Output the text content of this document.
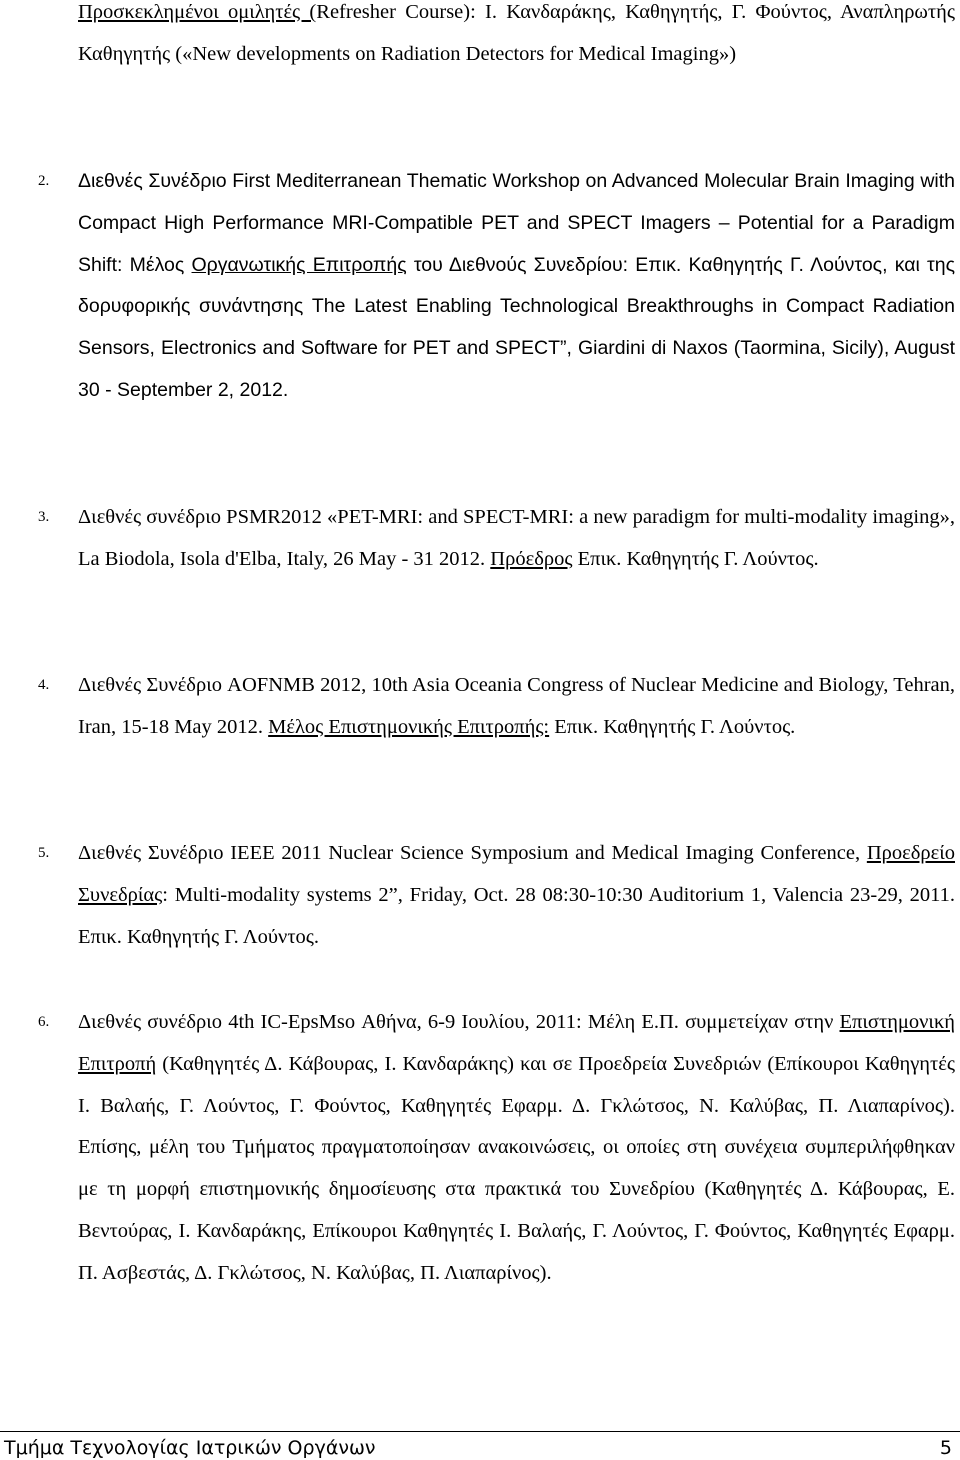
Προσκεκλημένοι ομιλητές (Refresher Course): Ι. Κανδαράκης, Καθηγητής, Γ. Φούντος, Αναπληρωτής Καθηγητής («New developments on Radiation Detectors for Medical Imaging»)
2. Διεθνές Συνέδριο First Mediterranean Thematic Workshop on Advanced Molecular Brain Imaging with Compact High Performance MRI-Compatible PET and SPECT Imagers – Potential for a Paradigm Shift: Μέλος Οργανωτικής Επιτροπής του Διεθνούς Συνεδρίου: Επικ. Καθηγητής Γ. Λούντος, και της δορυφορικής συνάντησης The Latest Enabling Technological Breakthroughs in Compact Radiation Sensors, Electronics and Software for PET and SPECT”, Giardini di Naxos (Taormina, Sicily), August 30 - September 2, 2012.
3. Διεθνές συνέδριο PSMR2012 «PET-MRI: and SPECT-MRI: a new paradigm for multi-modality imaging», La Biodola, Isola d'Elba, Italy, 26 May - 31 2012. Πρόεδρος Επικ. Καθηγητής Γ. Λούντος.
4. Διεθνές Συνέδριο AOFNMB 2012, 10th Asia Oceania Congress of Nuclear Medicine and Biology, Tehran, Iran, 15-18 May 2012. Μέλος Επιστημονικής Επιτροπής: Επικ. Καθηγητής Γ. Λούντος.
5. Διεθνές Συνέδριο IEEE 2011 Nuclear Science Symposium and Medical Imaging Conference, Προεδρείο Συνεδρίας: Multi-modality systems 2”, Friday, Oct. 28 08:30-10:30 Auditorium 1, Valencia 23-29, 2011. Επικ. Καθηγητής Γ. Λούντος.
6. Διεθνές συνέδριο 4th IC-EpsMso Αθήνα, 6-9 Ιουλίου, 2011: Μέλη Ε.Π. συμμετείχαν στην Επιστημονική Επιτροπή (Καθηγητές Δ. Κάβουρας, Ι. Κανδαράκης) και σε Προεδρεία Συνεδριών (Επίκουροι Καθηγητές Ι. Βαλαής, Γ. Λούντος, Γ. Φούντος, Καθηγητές Εφαρμ. Δ. Γκλώτσος, Ν. Καλύβας, Π. Λιαπαρίνος). Επίσης, μέλη του Τμήματος πραγματοποίησαν ανακοινώσεις, οι οποίες στη συνέχεια συμπεριλήφθηκαν με τη μορφή επιστημονικής δημοσίευσης στα πρακτικά του Συνεδρίου (Καθηγητές Δ. Κάβουρας, Ε. Βεντούρας, Ι. Κανδαράκης, Επίκουροι Καθηγητές Ι. Βαλαής, Γ. Λούντος, Γ. Φούντος, Καθηγητές Εφαρμ. Π. Ασβεστάς, Δ. Γκλώτσος, Ν. Καλύβας, Π. Λιαπαρίνος).
Τμήμα Τεχνολογίας Ιατρικών Οργάνων	5
